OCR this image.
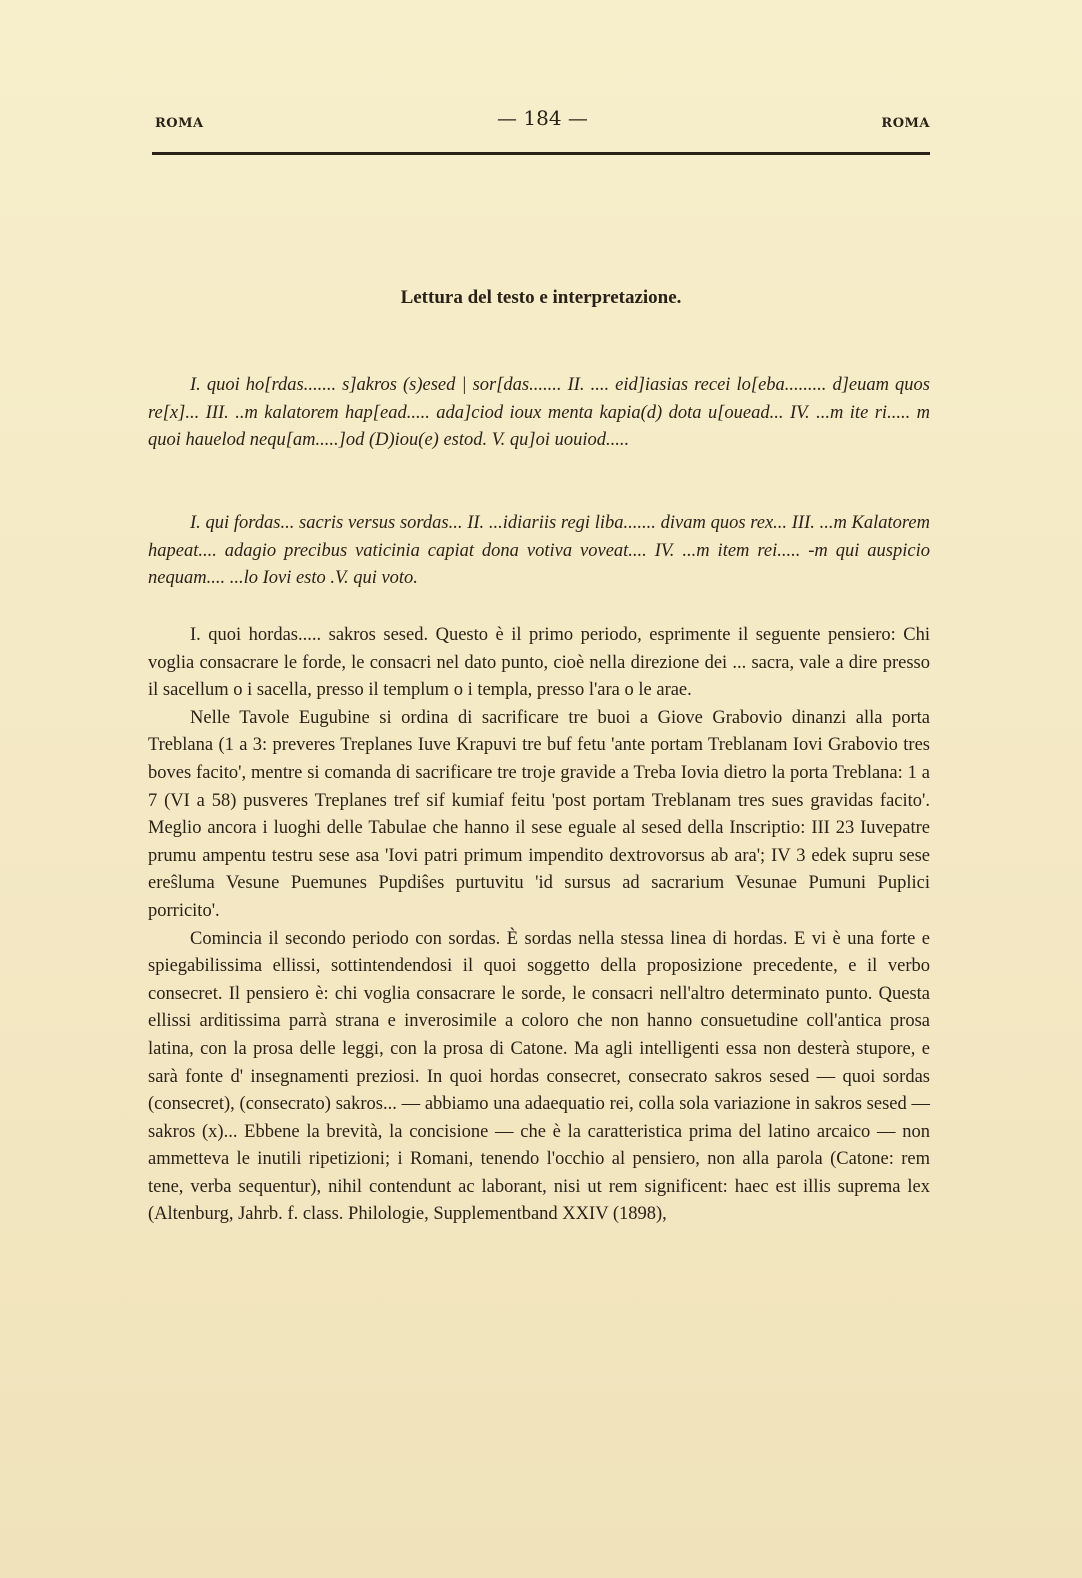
ROMA	— 184 —	ROMA
Lettura del testo e interpretazione.

I. quoi ho[rdas....... s]akros (s)esed | sor[das....... II. .... eid]iasias recei lo[eba......... d]euam quos re[x]... III. ..m kalatorem hap[ead..... ada]ciod ioux menta kapia(d) dota u[ouead... IV. ...m ite ri..... m quoi hauelod nequ[am.....]od (D)iou(e) estod. V. qu]oi uouiod.....

I. qui fordas... sacris versus sordas... II. ...idiariis regi liba....... divam quos rex... III. ...m Kalatorem hapeat.... adagio precibus vaticinia capiat dona votiva voveat.... IV. ...m item rei..... -m qui auspicio nequam.... ...lo Iovi esto .V. qui voto.

I. quoi hordas..... sakros sesed. Questo è il primo periodo, esprimente il seguente pensiero: Chi voglia consacrare le forde, le consacri nel dato punto, cioè nella direzione dei ... sacra, vale a dire presso il sacellum o i sacella, presso il templum o i templa, presso l'ara o le arae.

Nelle Tavole Eugubine si ordina di sacrificare tre buoi a Giove Grabovio dinanzi alla porta Treblana (1 a 3: preveres Treplanes Iuve Krapuvi tre buf fetu 'ante portam Treblanam Iovi Grabovio tres boves facito', mentre si comanda di sacrificare tre troje gravide a Treba Iovia dietro la porta Treblana: 1 a 7 (VI a 58) pusveres Treplanes tref sif kumiaf feitu 'post portam Treblanam tres sues gravidas facito'. Meglio ancora i luoghi delle Tabulae che hanno il sese eguale al sesed della Inscriptio: III 23 Iuvepatre prumu ampentu testru sese asa 'Iovi patri primum impendito dextrovorsus ab ara'; IV 3 edek supru sese ereŝluma Vesune Puemunes Pupdiŝes purtuvitu 'id sursus ad sacrarium Vesunae Pumuni Puplici porricito'.

Comincia il secondo periodo con sordas. È sordas nella stessa linea di hordas. E vi è una forte e spiegabilissima ellissi, sottintendendosi il quoi soggetto della proposizione precedente, e il verbo consecret. Il pensiero è: chi voglia consacrare le sorde, le consacri nell'altro determinato punto. Questa ellissi arditissima parrà strana e inverosimile a coloro che non hanno consuetudine coll'antica prosa latina, con la prosa delle leggi, con la prosa di Catone. Ma agli intelligenti essa non desterà stupore, e sarà fonte d' insegnamenti preziosi. In quoi hordas consecret, consecrato sakros sesed — quoi sordas (consecret), (consecrato) sakros... — abbiamo una adaequatio rei, colla sola variazione in sakros sesed — sakros (x)... Ebbene la brevità, la concisione — che è la caratteristica prima del latino arcaico — non ammetteva le inutili ripetizioni; i Romani, tenendo l'occhio al pensiero, non alla parola (Catone: rem tene, verba sequentur), nihil contendunt ac laborant, nisi ut rem significent: haec est illis suprema lex (Altenburg, Jahrb. f. class. Philologie, Supplementband XXIV (1898),
